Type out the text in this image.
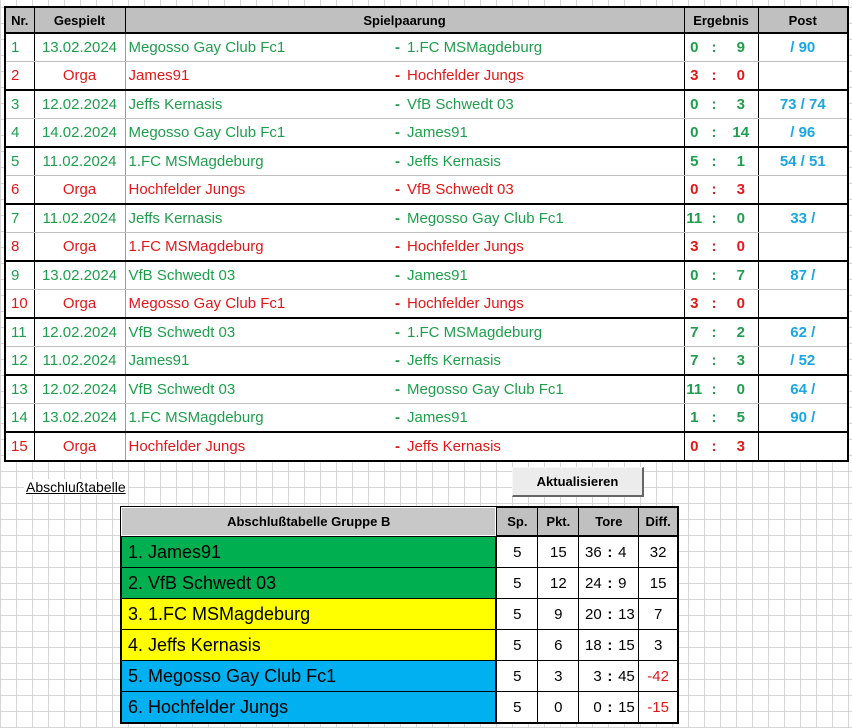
Nr.	Gespielt	Spielpaarung			Ergebnis			Post
1	13.02.2024	Megosso Gay Club Fc1	-	1.FC MSMagdeburg	0	:	9	/ 90
2	Orga	James91	-	Hochfelder Jungs	3	:	0	
3	12.02.2024	Jeffs Kernasis	-	VfB Schwedt 03	0	:	3	73 / 74
4	14.02.2024	Megosso Gay Club Fc1	-	James91	0	:	14	/ 96
5	11.02.2024	1.FC MSMagdeburg	-	Jeffs Kernasis	5	:	1	54 / 51
6	Orga	Hochfelder Jungs	-	VfB Schwedt 03	0	:	3	
7	11.02.2024	Jeffs Kernasis	-	Megosso Gay Club Fc1	11	:	0	33 /
8	Orga	1.FC MSMagdeburg	-	Hochfelder Jungs	3	:	0	
9	13.02.2024	VfB Schwedt 03	-	James91	0	:	7	87 /
10	Orga	Megosso Gay Club Fc1	-	Hochfelder Jungs	3	:	0	
11	12.02.2024	VfB Schwedt 03	-	1.FC MSMagdeburg	7	:	2	62 /
12	11.02.2024	James91	-	Jeffs Kernasis	7	:	3	/ 52
13	12.02.2024	VfB Schwedt 03	-	Megosso Gay Club Fc1	11	:	0	64 /
14	13.02.2024	1.FC MSMagdeburg	-	James91	1	:	5	90 /
15	Orga	Hochfelder Jungs	-	Jeffs Kernasis	0	:	3	
Abschlußtabelle	Aktualisieren
Abschlußtabelle Gruppe B	Sp.	Pkt.	Tore			Diff.
1. James91	5	15	36	:	4	32
2. VfB Schwedt 03	5	12	24	:	9	15
3. 1.FC MSMagdeburg	5	9	20	:	13	7
4. Jeffs Kernasis	5	6	18	:	15	3
5. Megosso Gay Club Fc1	5	3	3	:	45	-42
6. Hochfelder Jungs	5	0	0	:	15	-15
